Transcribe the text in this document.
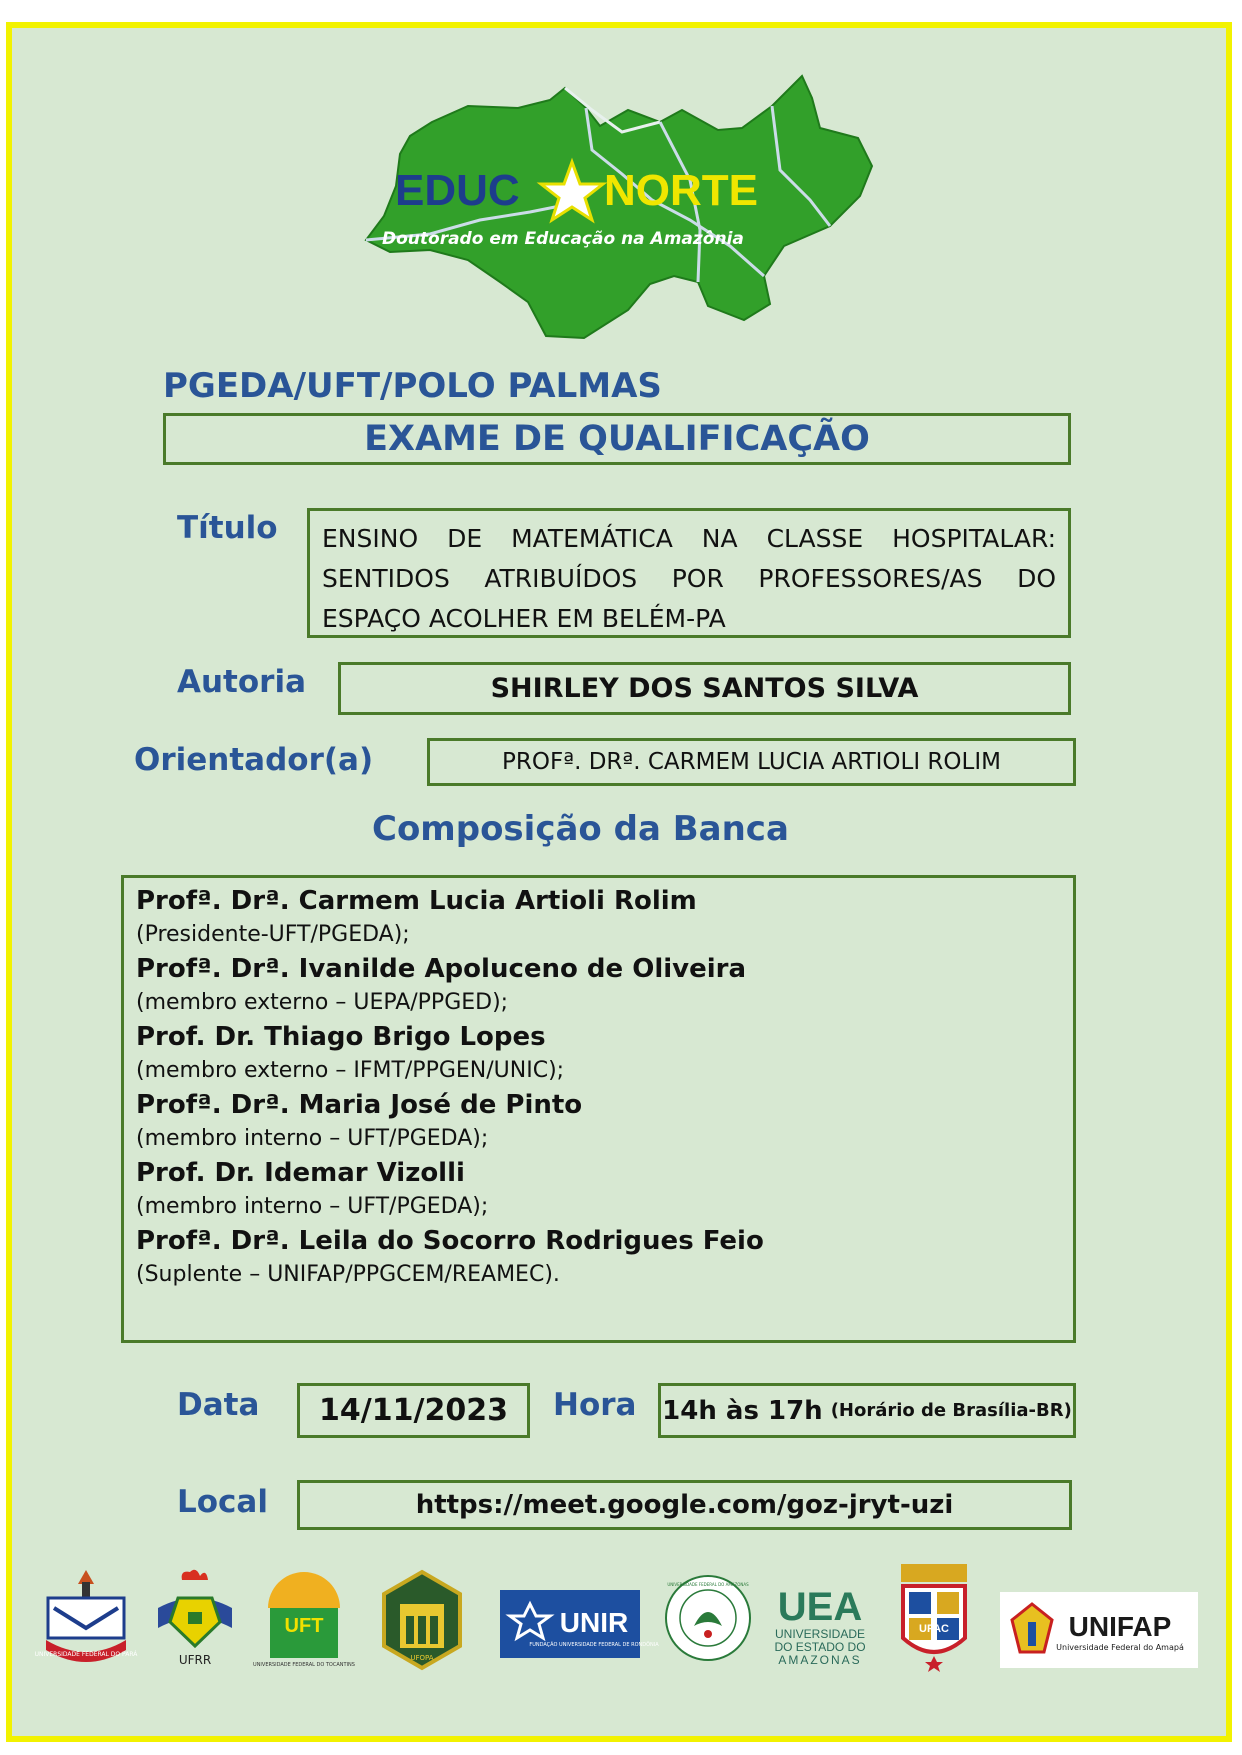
EDUC NORTE
Doutorado em Educação na Amazônia
PGEDA/UFT/POLO PALMAS
EXAME DE QUALIFICAÇÃO
Título	ENSINO DE MATEMÁTICA NA CLASSE HOSPITALAR: SENTIDOS ATRIBUÍDOS POR PROFESSORES/AS DO ESPAÇO ACOLHER EM BELÉM-PA
Autoria	SHIRLEY DOS SANTOS SILVA
Orientador(a)	PROFª. DRª. CARMEM LUCIA ARTIOLI ROLIM
Composição da Banca
Profª. Drª. Carmem Lucia Artioli Rolim
(Presidente-UFT/PGEDA);
Profª. Drª. Ivanilde Apoluceno de Oliveira
(membro externo – UEPA/PPGED);
Prof. Dr. Thiago Brigo Lopes
(membro externo – IFMT/PPGEN/UNIC);
Profª. Drª. Maria José de Pinto
(membro interno – UFT/PGEDA);
Prof. Dr. Idemar Vizolli
(membro interno – UFT/PGEDA);
Profª. Drª. Leila do Socorro Rodrigues Feio
(Suplente – UNIFAP/PPGCEM/REAMEC).
Data 14/11/2023 Hora 14h às 17h (Horário de Brasília-BR)
Local	https://meet.google.com/goz-jryt-uzi
UNIVERSIDADE FEDERAL DO PARÁ	UFRR
UFT
UNIVERSIDADE FEDERAL DO TOCANTINS
UFOPA
UNIR
FUNDAÇÃO UNIVERSIDADE FEDERAL DE RONDÔNIA
UNIVERSIDADE FEDERAL DO AMAZONAS
UEA
UNIVERSIDADE
DO ESTADO DO
AMAZONAS
UFAC	UNIFAP
Universidade Federal do Amapá
